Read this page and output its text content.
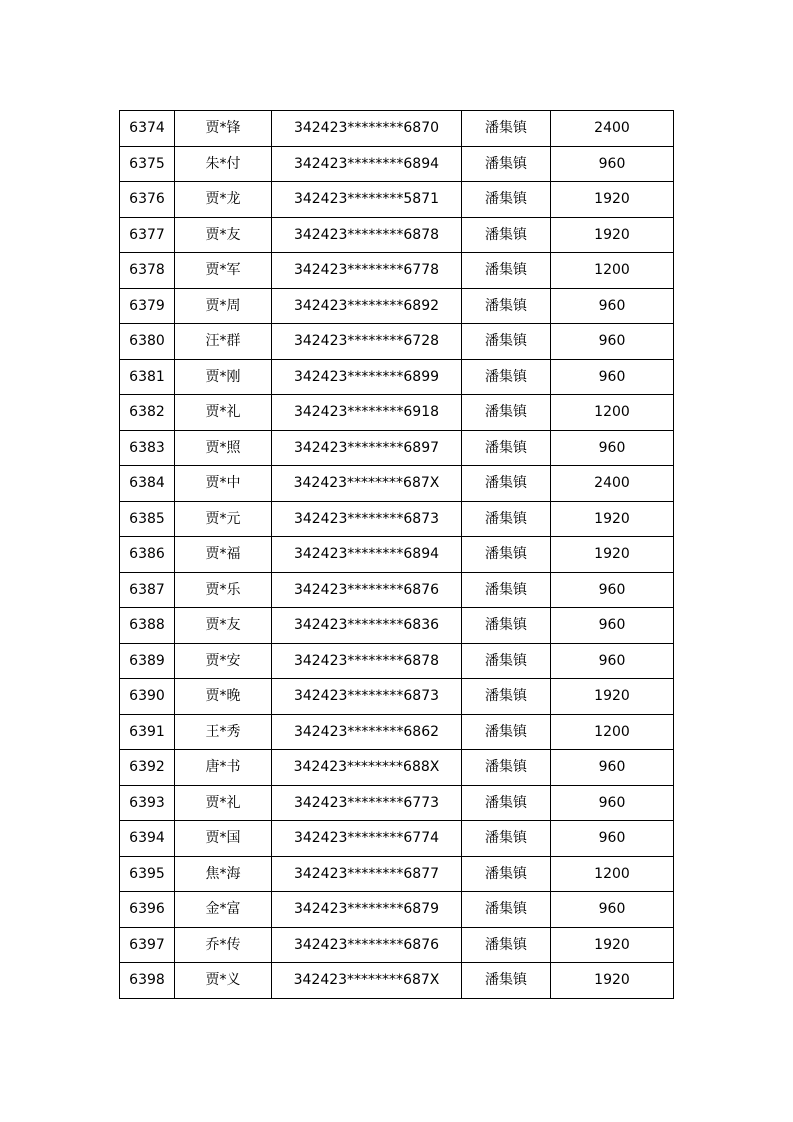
6374	贾*锋	342423********6870	潘集镇	2400
6375	朱*付	342423********6894	潘集镇	960
6376	贾*龙	342423********5871	潘集镇	1920
6377	贾*友	342423********6878	潘集镇	1920
6378	贾*军	342423********6778	潘集镇	1200
6379	贾*周	342423********6892	潘集镇	960
6380	汪*群	342423********6728	潘集镇	960
6381	贾*刚	342423********6899	潘集镇	960
6382	贾*礼	342423********6918	潘集镇	1200
6383	贾*照	342423********6897	潘集镇	960
6384	贾*中	342423********687X	潘集镇	2400
6385	贾*元	342423********6873	潘集镇	1920
6386	贾*福	342423********6894	潘集镇	1920
6387	贾*乐	342423********6876	潘集镇	960
6388	贾*友	342423********6836	潘集镇	960
6389	贾*安	342423********6878	潘集镇	960
6390	贾*晚	342423********6873	潘集镇	1920
6391	王*秀	342423********6862	潘集镇	1200
6392	唐*书	342423********688X	潘集镇	960
6393	贾*礼	342423********6773	潘集镇	960
6394	贾*国	342423********6774	潘集镇	960
6395	焦*海	342423********6877	潘集镇	1200
6396	金*富	342423********6879	潘集镇	960
6397	乔*传	342423********6876	潘集镇	1920
6398	贾*义	342423********687X	潘集镇	1920
